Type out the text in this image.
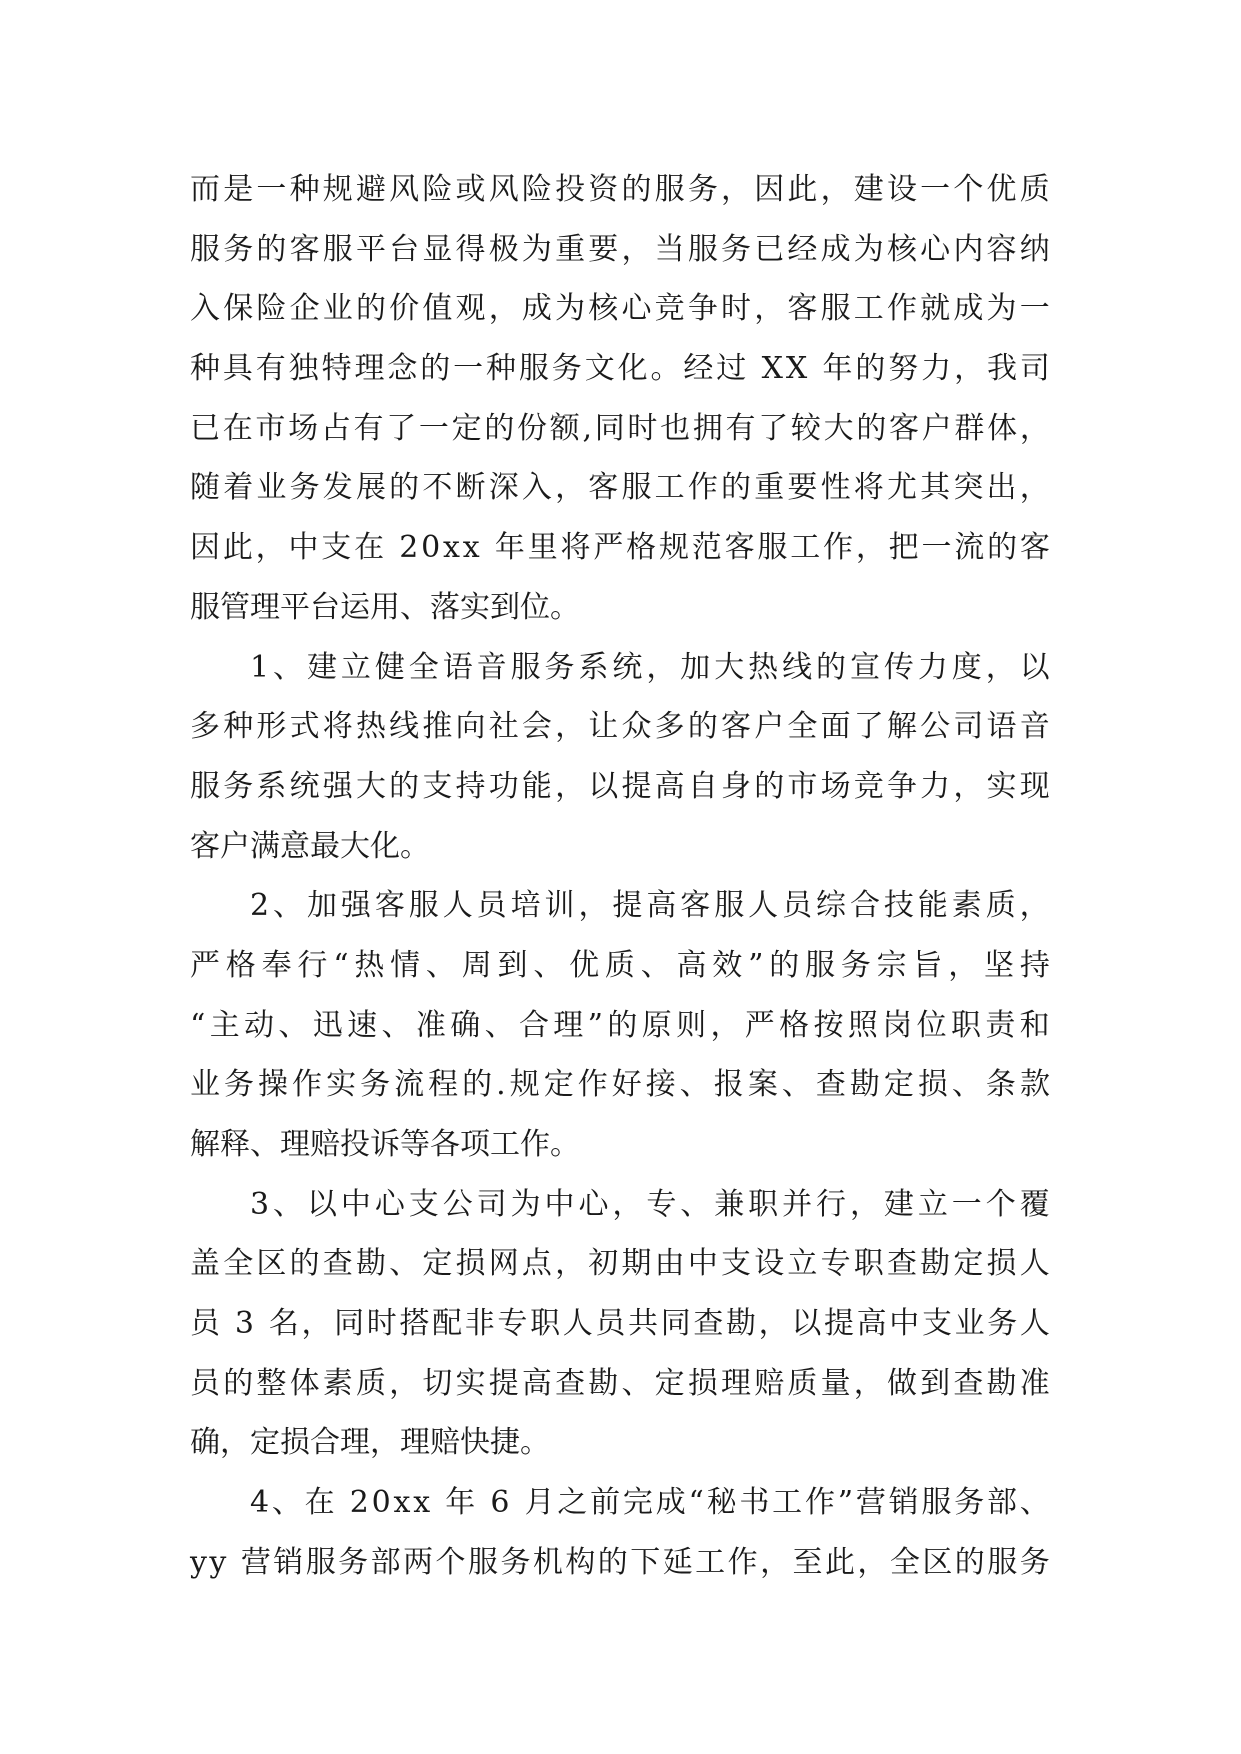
而 是 一 种 规 避 风 险 或 风 险 投 资 的 服 务 ， 因 此 ， 建 设 一 个 优 质
服 务 的 客 服 平 台 显 得 极 为 重 要 ， 当 服 务 已 经 成 为 核 心 内 容 纳
入 保 险 企 业 的 价 值 观 ， 成 为 核 心 竞 争 时 ， 客 服 工 作 就 成 为 一
种 具 有 独 特 理 念 的 一 种 服 务 文 化 。 经 过
X X
年 的 努 力 ， 我 司
已 在 市 场 占 有 了 一 定 的 份 额 , 同 时 也 拥 有 了 较 大 的 客 户 群 体 ，
随 着 业 务 发 展 的 不 断 深 入 ， 客 服 工 作 的 重 要 性 将 尤 其 突 出 ，
因 此 ， 中 支 在
2 0 x x
年 里 将 严 格 规 范 客 服 工 作 ， 把 一 流 的 客
服管理平台运用、落实到位。
1 、 建 立 健 全 语 音 服 务 系 统 ， 加 大 热 线 的 宣 传 力 度 ， 以
多 种 形 式 将 热 线 推 向 社 会 ， 让 众 多 的 客 户 全 面 了 解 公 司 语 音
服 务 系 统 强 大 的 支 持 功 能 ， 以 提 高 自 身 的 市 场 竞 争 力 ， 实 现
客户满意最大化。
2 、 加 强 客 服 人 员 培 训 ， 提 高 客 服 人 员 综 合 技 能 素 质 ，
严 格 奉 行 “ 热 情 、 周 到 、 优 质 、 高 效 ” 的 服 务 宗 旨 ， 坚 持
“ 主 动 、 迅 速 、 准 确 、 合 理 ” 的 原 则 ， 严 格 按 照 岗 位 职 责 和
业 务 操 作 实 务 流 程 的 . 规 定 作 好 接 、 报 案 、 查 勘 定 损 、 条 款
解释、理赔投诉等各项工作。
3 、 以 中 心 支 公 司 为 中 心 ， 专 、 兼 职 并 行 ， 建 立 一 个 覆
盖 全 区 的 查 勘 、 定 损 网 点 ， 初 期 由 中 支 设 立 专 职 查 勘 定 损 人
员
3
名 ， 同 时 搭 配 非 专 职 人 员 共 同 查 勘 ， 以 提 高 中 支 业 务 人
员 的 整 体 素 质 ， 切 实 提 高 查 勘 、 定 损 理 赔 质 量 ， 做 到 查 勘 准
确，定损合理，理赔快捷。
4 、 在
2 0 x x
年
6
月 之 前 完 成 “ 秘 书 工 作 ” 营 销 服 务 部 、
y y
营 销 服 务 部 两 个 服 务 机 构 的 下 延 工 作 ， 至 此 ， 全 区 的 服 务
